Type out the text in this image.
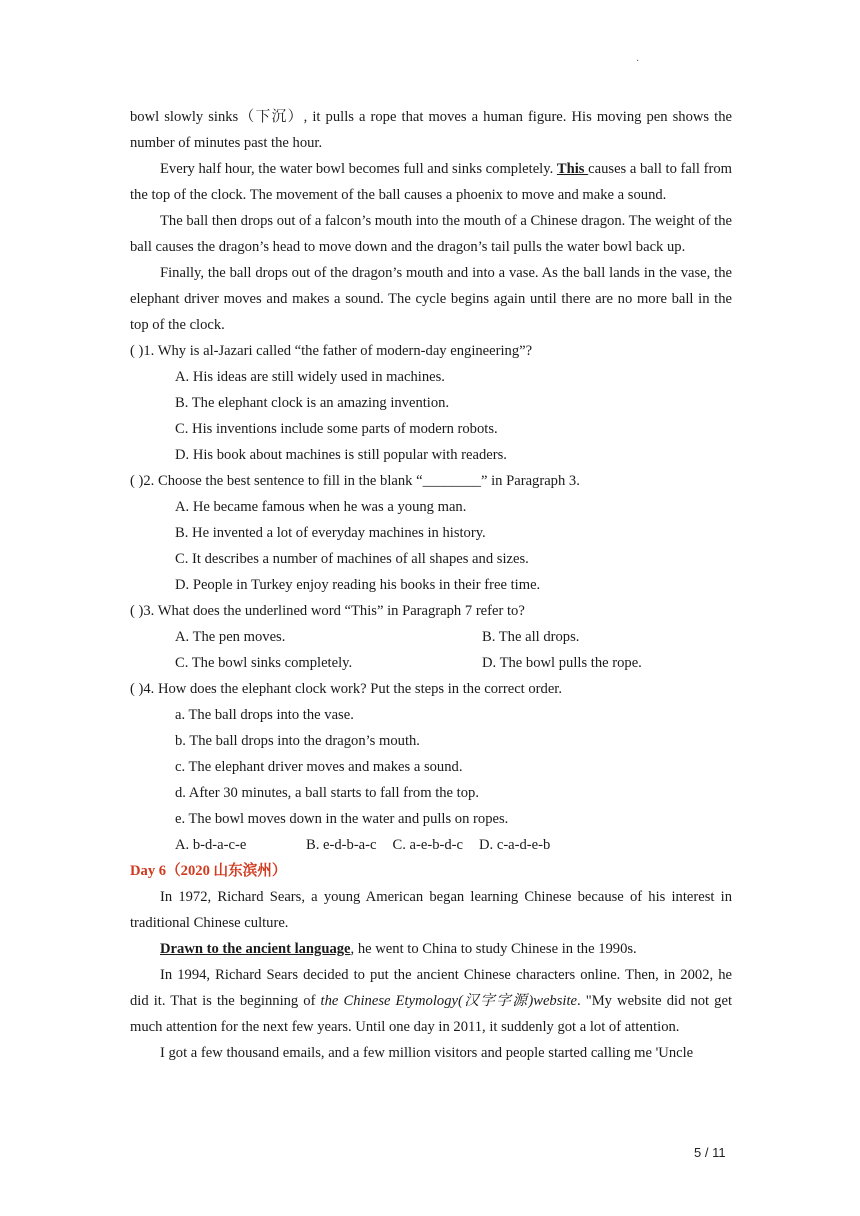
·

bowl slowly sinks（下沉）, it pulls a rope that moves a human figure. His moving pen shows the number of minutes past the hour.

Every half hour, the water bowl becomes full and sinks completely. This causes a ball to fall from the top of the clock. The movement of the ball causes a phoenix to move and make a sound.

The ball then drops out of a falcon’s mouth into the mouth of a Chinese dragon. The weight of the ball causes the dragon’s head to move down and the dragon’s tail pulls the water bowl back up.

Finally, the ball drops out of the dragon’s mouth and into a vase. As the ball lands in the vase, the elephant driver moves and makes a sound. The cycle begins again until there are no more ball in the top of the clock.

( )1. Why is al-Jazari called “the father of modern-day engineering”?

A. His ideas are still widely used in machines.

B. The elephant clock is an amazing invention.

C. His inventions include some parts of modern robots.

D. His book about machines is still popular with readers.

( )2. Choose the best sentence to fill in the blank “________” in Paragraph 3.

A. He became famous when he was a young man.

B. He invented a lot of everyday machines in history.

C. It describes a number of machines of all shapes and sizes.

D. People in Turkey enjoy reading his books in their free time.

( )3. What does the underlined word “This” in Paragraph 7 refer to?

A. The pen moves.	B. The all drops.
C. The bowl sinks completely.	D. The bowl pulls the rope.

( )4. How does the elephant clock work? Put the steps in the correct order.

a. The ball drops into the vase.

b. The ball drops into the dragon’s mouth.

c. The elephant driver moves and makes a sound.

d. After 30 minutes, a ball starts to fall from the top.

e. The bowl moves down in the water and pulls on ropes.

A. b-d-a-c-e	B. e-d-b-a-c C. a-e-b-d-c D. c-a-d-e-b

Day 6（2020 山东滨州）

In 1972, Richard Sears, a young American began learning Chinese because of his interest in traditional Chinese culture.

Drawn to the ancient language, he went to China to study Chinese in the 1990s.

In 1994, Richard Sears decided to put the ancient Chinese characters online. Then, in 2002, he did it. That is the beginning of the Chinese Etymology(汉字字源)website. "My website did not get much attention for the next few years. Until one day in 2011, it suddenly got a lot of attention.

I got a few thousand emails, and a few million visitors and people started calling me 'Uncle

5 / 11
